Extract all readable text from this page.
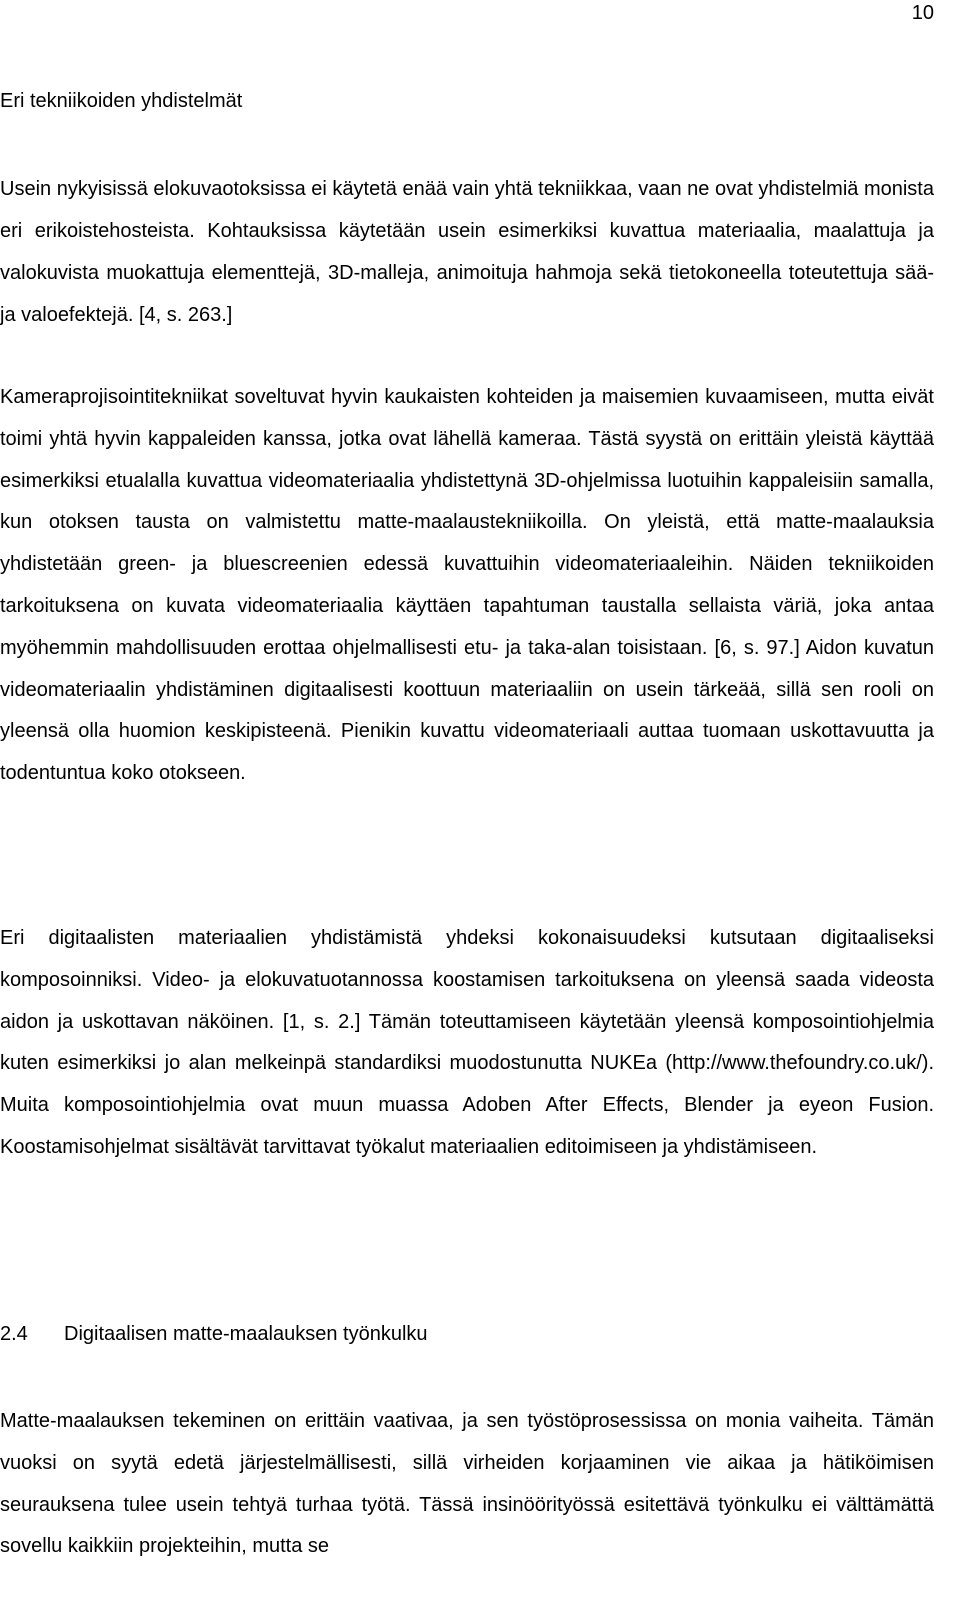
10
Eri tekniikoiden yhdistelmät

Usein nykyisissä elokuvaotoksissa ei käytetä enää vain yhtä tekniikkaa, vaan ne ovat yhdistelmiä monista eri erikoistehosteista. Kohtauksissa käytetään usein esimerkiksi kuvattua materiaalia, maalattuja ja valokuvista muokattuja elementtejä, 3D-malleja, animoituja hahmoja sekä tietokoneella toteutettuja sää- ja valoefektejä. [4, s. 263.]

Kameraprojisointitekniikat soveltuvat hyvin kaukaisten kohteiden ja maisemien kuvaamiseen, mutta eivät toimi yhtä hyvin kappaleiden kanssa, jotka ovat lähellä kameraa. Tästä syystä on erittäin yleistä käyttää esimerkiksi etualalla kuvattua videomateriaalia yhdistettynä 3D-ohjelmissa luotuihin kappaleisiin samalla, kun otoksen tausta on valmistettu matte-maalaustekniikoilla. On yleistä, että matte-maalauksia yhdistetään green- ja bluescreenien edessä kuvattuihin videomateriaaleihin. Näiden tekniikoiden tarkoituksena on kuvata videomateriaalia käyttäen tapahtuman taustalla sellaista väriä, joka antaa myöhemmin mahdollisuuden erottaa ohjelmallisesti etu- ja taka-alan toisistaan. [6, s. 97.] Aidon kuvatun videomateriaalin yhdistäminen digitaalisesti koottuun materiaaliin on usein tärkeää, sillä sen rooli on yleensä olla huomion keskipisteenä. Pienikin kuvattu videomateriaali auttaa tuomaan uskottavuutta ja todentuntua koko otokseen.

Eri digitaalisten materiaalien yhdistämistä yhdeksi kokonaisuudeksi kutsutaan digitaaliseksi komposoinniksi. Video- ja elokuvatuotannossa koostamisen tarkoituksena on yleensä saada videosta aidon ja uskottavan näköinen. [1, s. 2.] Tämän toteuttamiseen käytetään yleensä komposointiohjelmia kuten esimerkiksi jo alan melkeinpä standardiksi muodostunutta NUKEa (http://www.thefoundry.co.uk/). Muita komposointiohjelmia ovat muun muassa Adoben After Effects, Blender ja eyeon Fusion. Koostamisohjelmat sisältävät tarvittavat työkalut materiaalien editoimiseen ja yhdistämiseen.

2.4 Digitaalisen matte-maalauksen työnkulku

Matte-maalauksen tekeminen on erittäin vaativaa, ja sen työstöprosessissa on monia vaiheita. Tämän vuoksi on syytä edetä järjestelmällisesti, sillä virheiden korjaaminen vie aikaa ja hätiköimisen seurauksena tulee usein tehtyä turhaa työtä. Tässä insinöörityössä esitettävä työnkulku ei välttämättä sovellu kaikkiin projekteihin, mutta se
